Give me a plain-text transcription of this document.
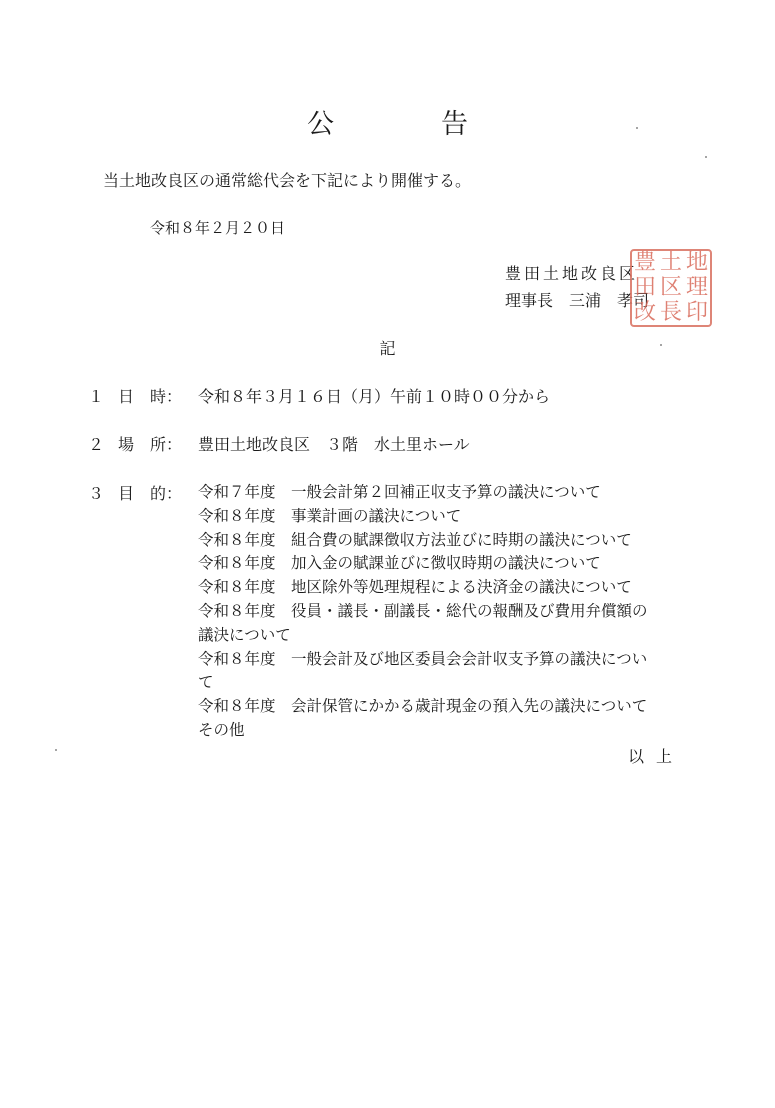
公　告
当土地改良区の通常総代会を下記により開催する。
令和８年２月２０日
豊田土地改良区
理事長　三浦　孝司
豊 土 地
田 区 理
改 長 印
記
１ 日　時： 令和８年３月１６日（月）午前１０時００分から
２ 場　所： 豊田土地改良区　３階　水土里ホール
３ 目　的： 令和７年度　一般会計第２回補正収支予算の議決について
令和８年度　事業計画の議決について
令和８年度　組合費の賦課徴収方法並びに時期の議決について
令和８年度　加入金の賦課並びに徴収時期の議決について
令和８年度　地区除外等処理規程による決済金の議決について
令和８年度　役員・議長・副議長・総代の報酬及び費用弁償額の
議決について
令和８年度　一般会計及び地区委員会会計収支予算の議決につい
て
令和８年度　会計保管にかかる歳計現金の預入先の議決について
その他
以上
